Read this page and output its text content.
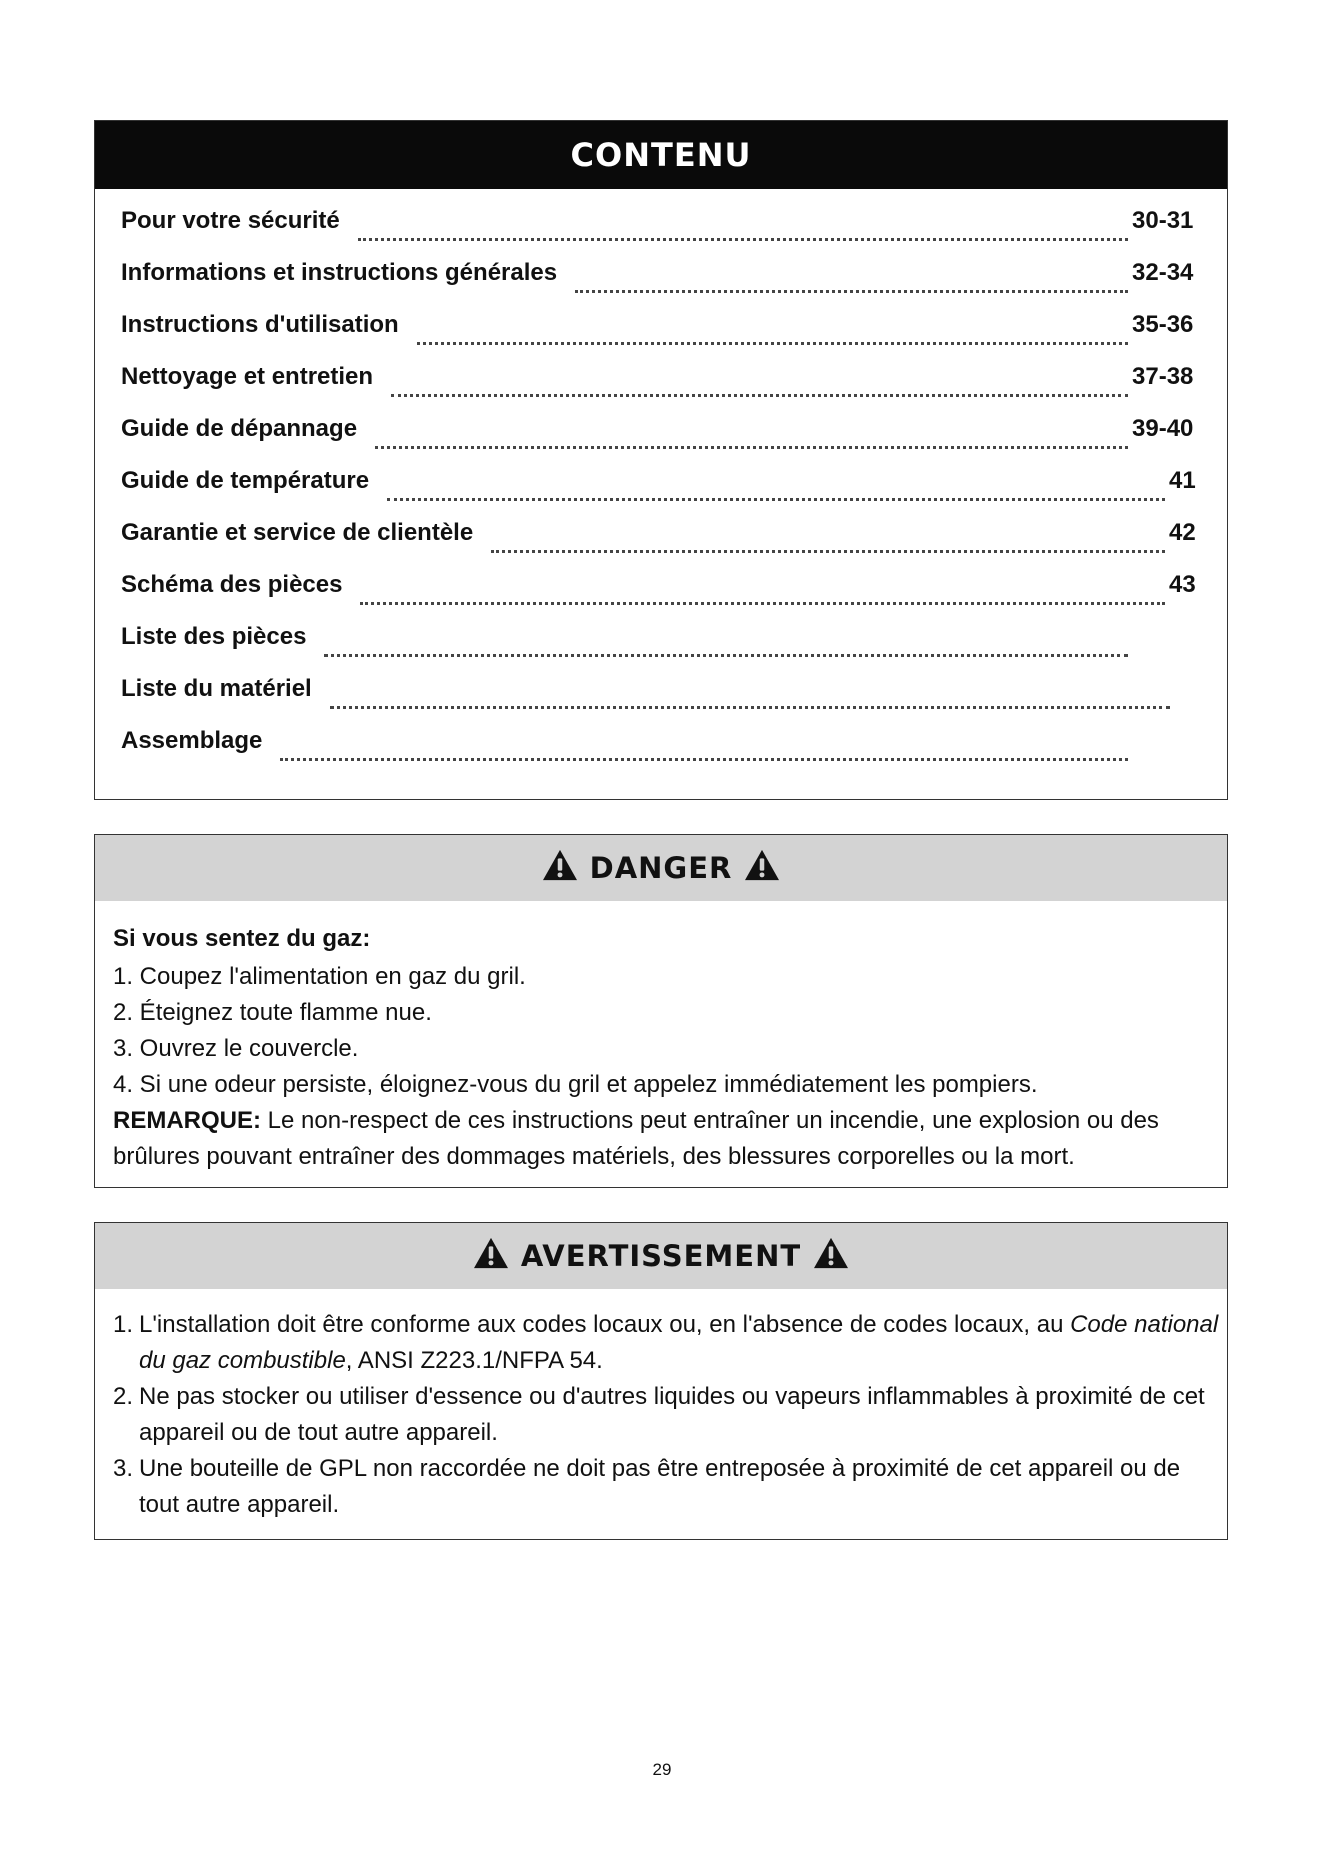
CONTENU
Pour votre sécurité	30-31
Informations et instructions générales	32-34
Instructions d'utilisation	35-36
Nettoyage et entretien	37-38
Guide de dépannage	39-40
Guide de température	41
Garantie et service de clientèle	42
Schéma des pièces	43
Liste des pièces
Liste du matériel
Assemblage
DANGER
Si vous sentez du gaz:
1. Coupez l'alimentation en gaz du gril.
2. Éteignez toute flamme nue.
3. Ouvrez le couvercle.
4. Si une odeur persiste, éloignez-vous du gril et appelez immédiatement les pompiers.
REMARQUE: Le non-respect de ces instructions peut entraîner un incendie, une explosion ou des brûlures pouvant entraîner des dommages matériels, des blessures corporelles ou la mort.
AVERTISSEMENT
1. L'installation doit être conforme aux codes locaux ou, en l'absence de codes locaux, au Code national du gaz combustible, ANSI Z223.1/NFPA 54.
2. Ne pas stocker ou utiliser d'essence ou d'autres liquides ou vapeurs inflammables à proximité de cet appareil ou de tout autre appareil.
3. Une bouteille de GPL non raccordée ne doit pas être entreposée à proximité de cet appareil ou de tout autre appareil.
29
